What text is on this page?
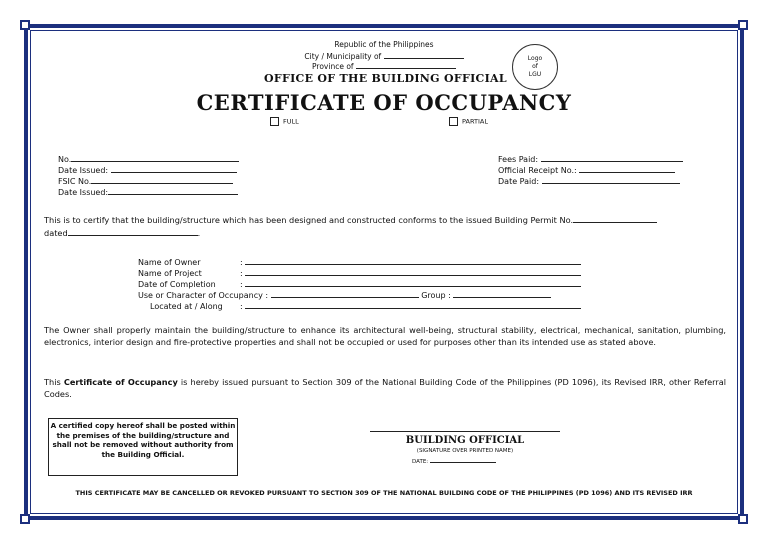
Republic of the Philippines
City / Municipality of
Province of
OFFICE OF THE BUILDING OFFICIAL
Logo
of
LGU
CERTIFICATE OF OCCUPANCY
FULL	PARTIAL
No.
Date Issued:
FSIC No.
Date Issued:
Fees Paid:
Official Receipt No.:
Date Paid:
This is to certify that the building/structure which has been designed and constructed conforms to the issued Building Permit No.
dated	.
Name of Owner	:
Name of Project	:
Date of Completion	:
Use or Character of Occupancy :	Group :
Located at / Along :
The Owner shall properly maintain the building/structure to enhance its architectural well-being, structural stability, electrical, mechanical, sanitation, plumbing, electronics, interior design and fire-protective properties and shall not be occupied or used for purposes other than its intended use as stated above.
This Certificate of Occupancy is hereby issued pursuant to Section 309 of the National Building Code of the Philippines (PD 1096), its Revised IRR, other Referral Codes.
A certified copy hereof shall be posted within the premises of the building/structure and shall not be removed without authority from the Building Official.
BUILDING OFFICIAL
(SIGNATURE OVER PRINTED NAME)
DATE:
THIS CERTIFICATE MAY BE CANCELLED OR REVOKED PURSUANT TO SECTION 309 OF THE NATIONAL BUILDING CODE OF THE PHILIPPINES (PD 1096) AND ITS REVISED IRR
